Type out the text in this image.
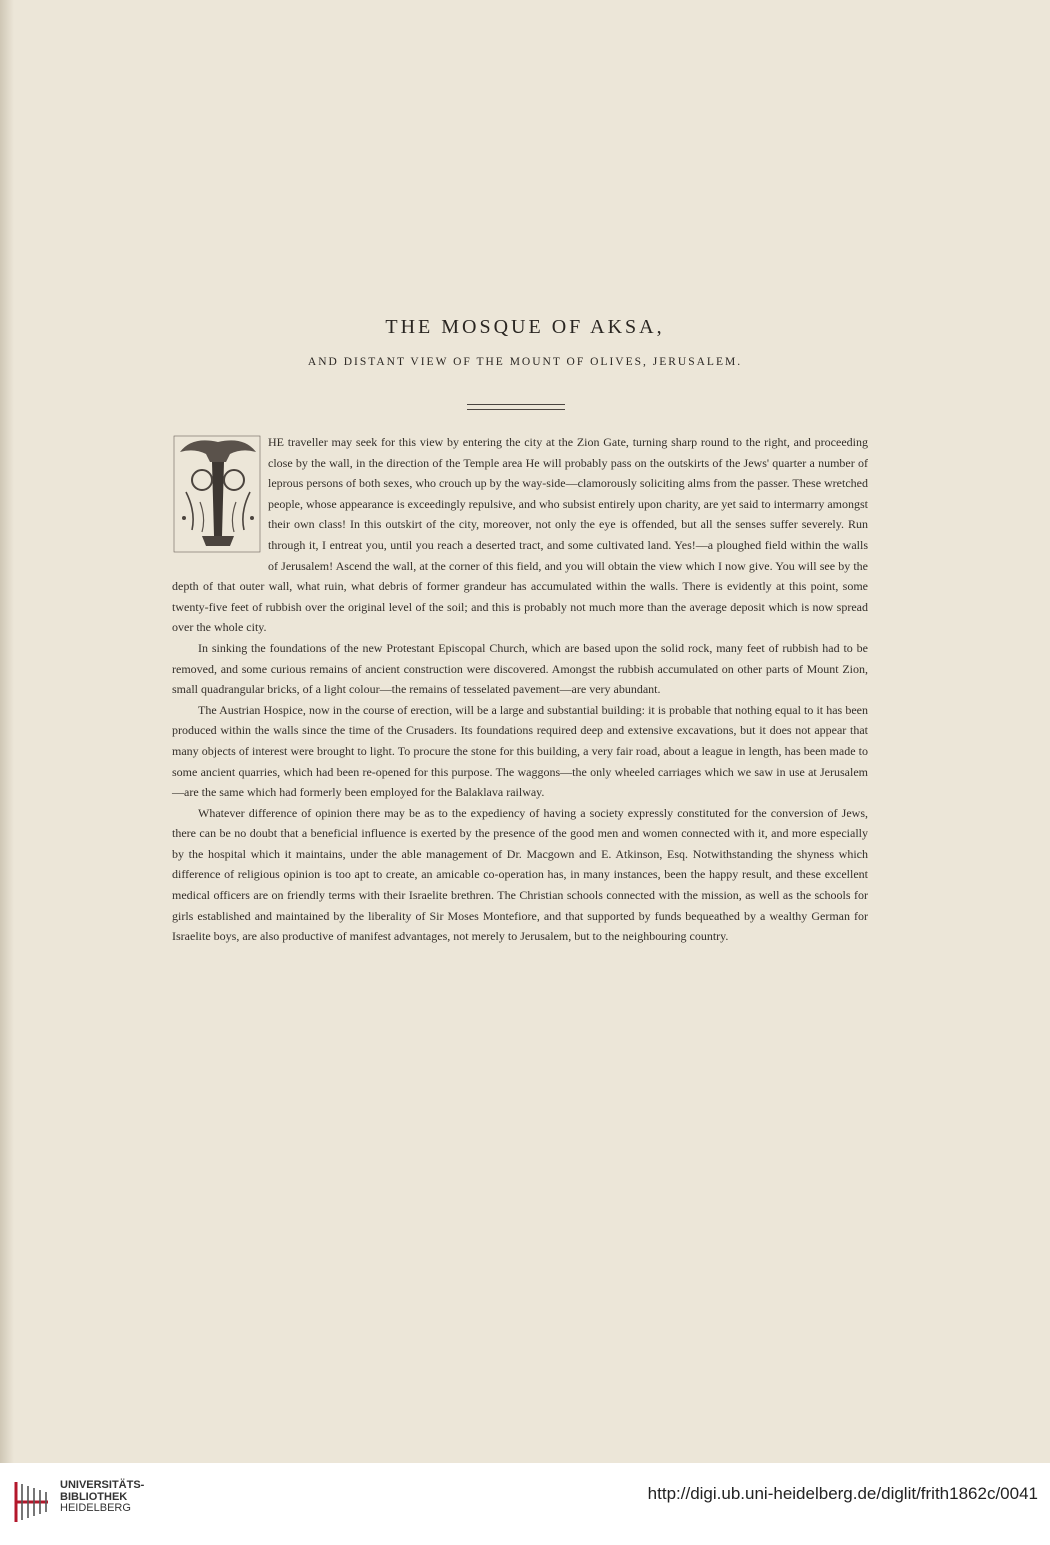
THE MOSQUE OF AKSA,
AND DISTANT VIEW OF THE MOUNT OF OLIVES, JERUSALEM.

HE traveller may seek for this view by entering the city at the Zion Gate, turning sharp round to the right, and proceeding close by the wall, in the direction of the Temple area He will probably pass on the outskirts of the Jews' quarter a number of leprous persons of both sexes, who crouch up by the way-side—clamorously soliciting alms from the passer. These wretched people, whose appearance is exceedingly repulsive, and who subsist entirely upon charity, are yet said to intermarry amongst their own class! In this outskirt of the city, moreover, not only the eye is offended, but all the senses suffer severely. Run through it, I entreat you, until you reach a deserted tract, and some cultivated land. Yes!—a ploughed field within the walls of Jerusalem! Ascend the wall, at the corner of this field, and you will obtain the view which I now give. You will see by the depth of that outer wall, what ruin, what debris of former grandeur has accumulated within the walls. There is evidently at this point, some twenty-five feet of rubbish over the original level of the soil; and this is probably not much more than the average deposit which is now spread over the whole city.

In sinking the foundations of the new Protestant Episcopal Church, which are based upon the solid rock, many feet of rubbish had to be removed, and some curious remains of ancient construction were discovered. Amongst the rubbish accumulated on other parts of Mount Zion, small quadrangular bricks, of a light colour—the remains of tesselated pavement—are very abundant.

The Austrian Hospice, now in the course of erection, will be a large and substantial building: it is probable that nothing equal to it has been produced within the walls since the time of the Crusaders. Its foundations required deep and extensive excavations, but it does not appear that many objects of interest were brought to light. To procure the stone for this building, a very fair road, about a league in length, has been made to some ancient quarries, which had been re-opened for this purpose. The waggons—the only wheeled carriages which we saw in use at Jerusalem—are the same which had formerly been employed for the Balaklava railway.

Whatever difference of opinion there may be as to the expediency of having a society expressly constituted for the conversion of Jews, there can be no doubt that a beneficial influence is exerted by the presence of the good men and women connected with it, and more especially by the hospital which it maintains, under the able management of Dr. Macgown and E. Atkinson, Esq. Notwithstanding the shyness which difference of religious opinion is too apt to create, an amicable co-operation has, in many instances, been the happy result, and these excellent medical officers are on friendly terms with their Israelite brethren. The Christian schools connected with the mission, as well as the schools for girls established and maintained by the liberality of Sir Moses Montefiore, and that supported by funds bequeathed by a wealthy German for Israelite boys, are also productive of manifest advantages, not merely to Jerusalem, but to the neighbouring country.

UNIVERSITÄTS-
BIBLIOTHEK
HEIDELBERG
http://digi.ub.uni-heidelberg.de/diglit/frith1862c/0041
